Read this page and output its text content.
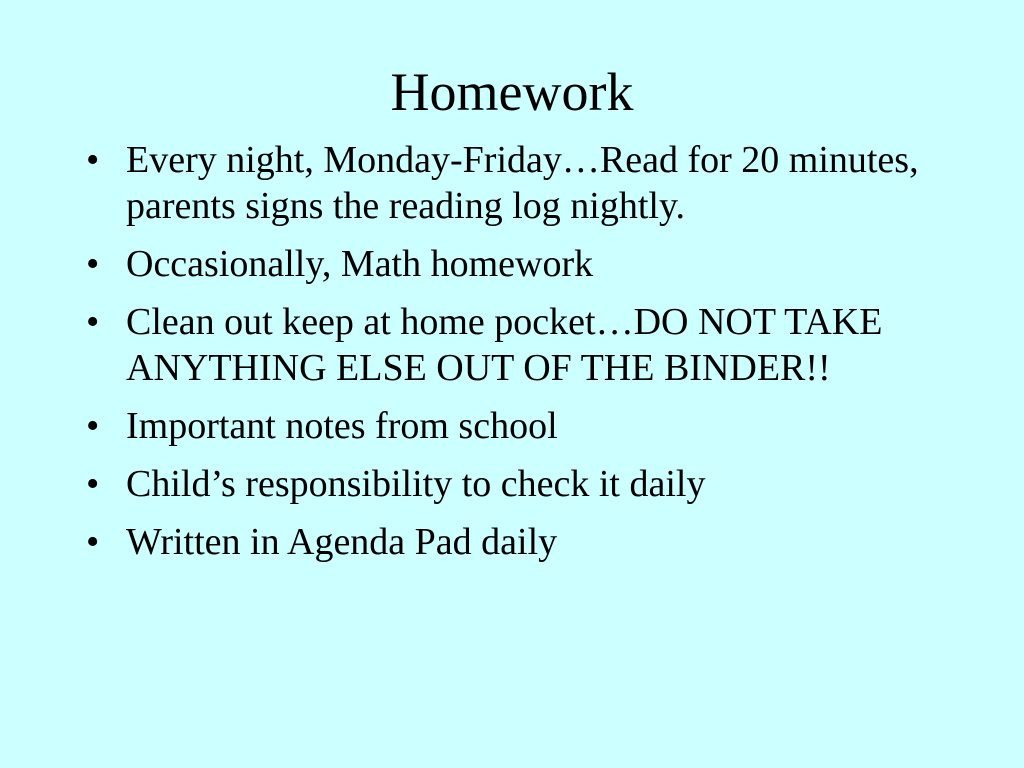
Homework
• Every night, Monday-Friday…Read for 20 minutes, parents signs the reading log nightly.
• Occasionally, Math homework
• Clean out keep at home pocket…DO NOT TAKE ANYTHING ELSE OUT OF THE BINDER!!
• Important notes from school
• Child’s responsibility to check it daily
• Written in Agenda Pad daily
